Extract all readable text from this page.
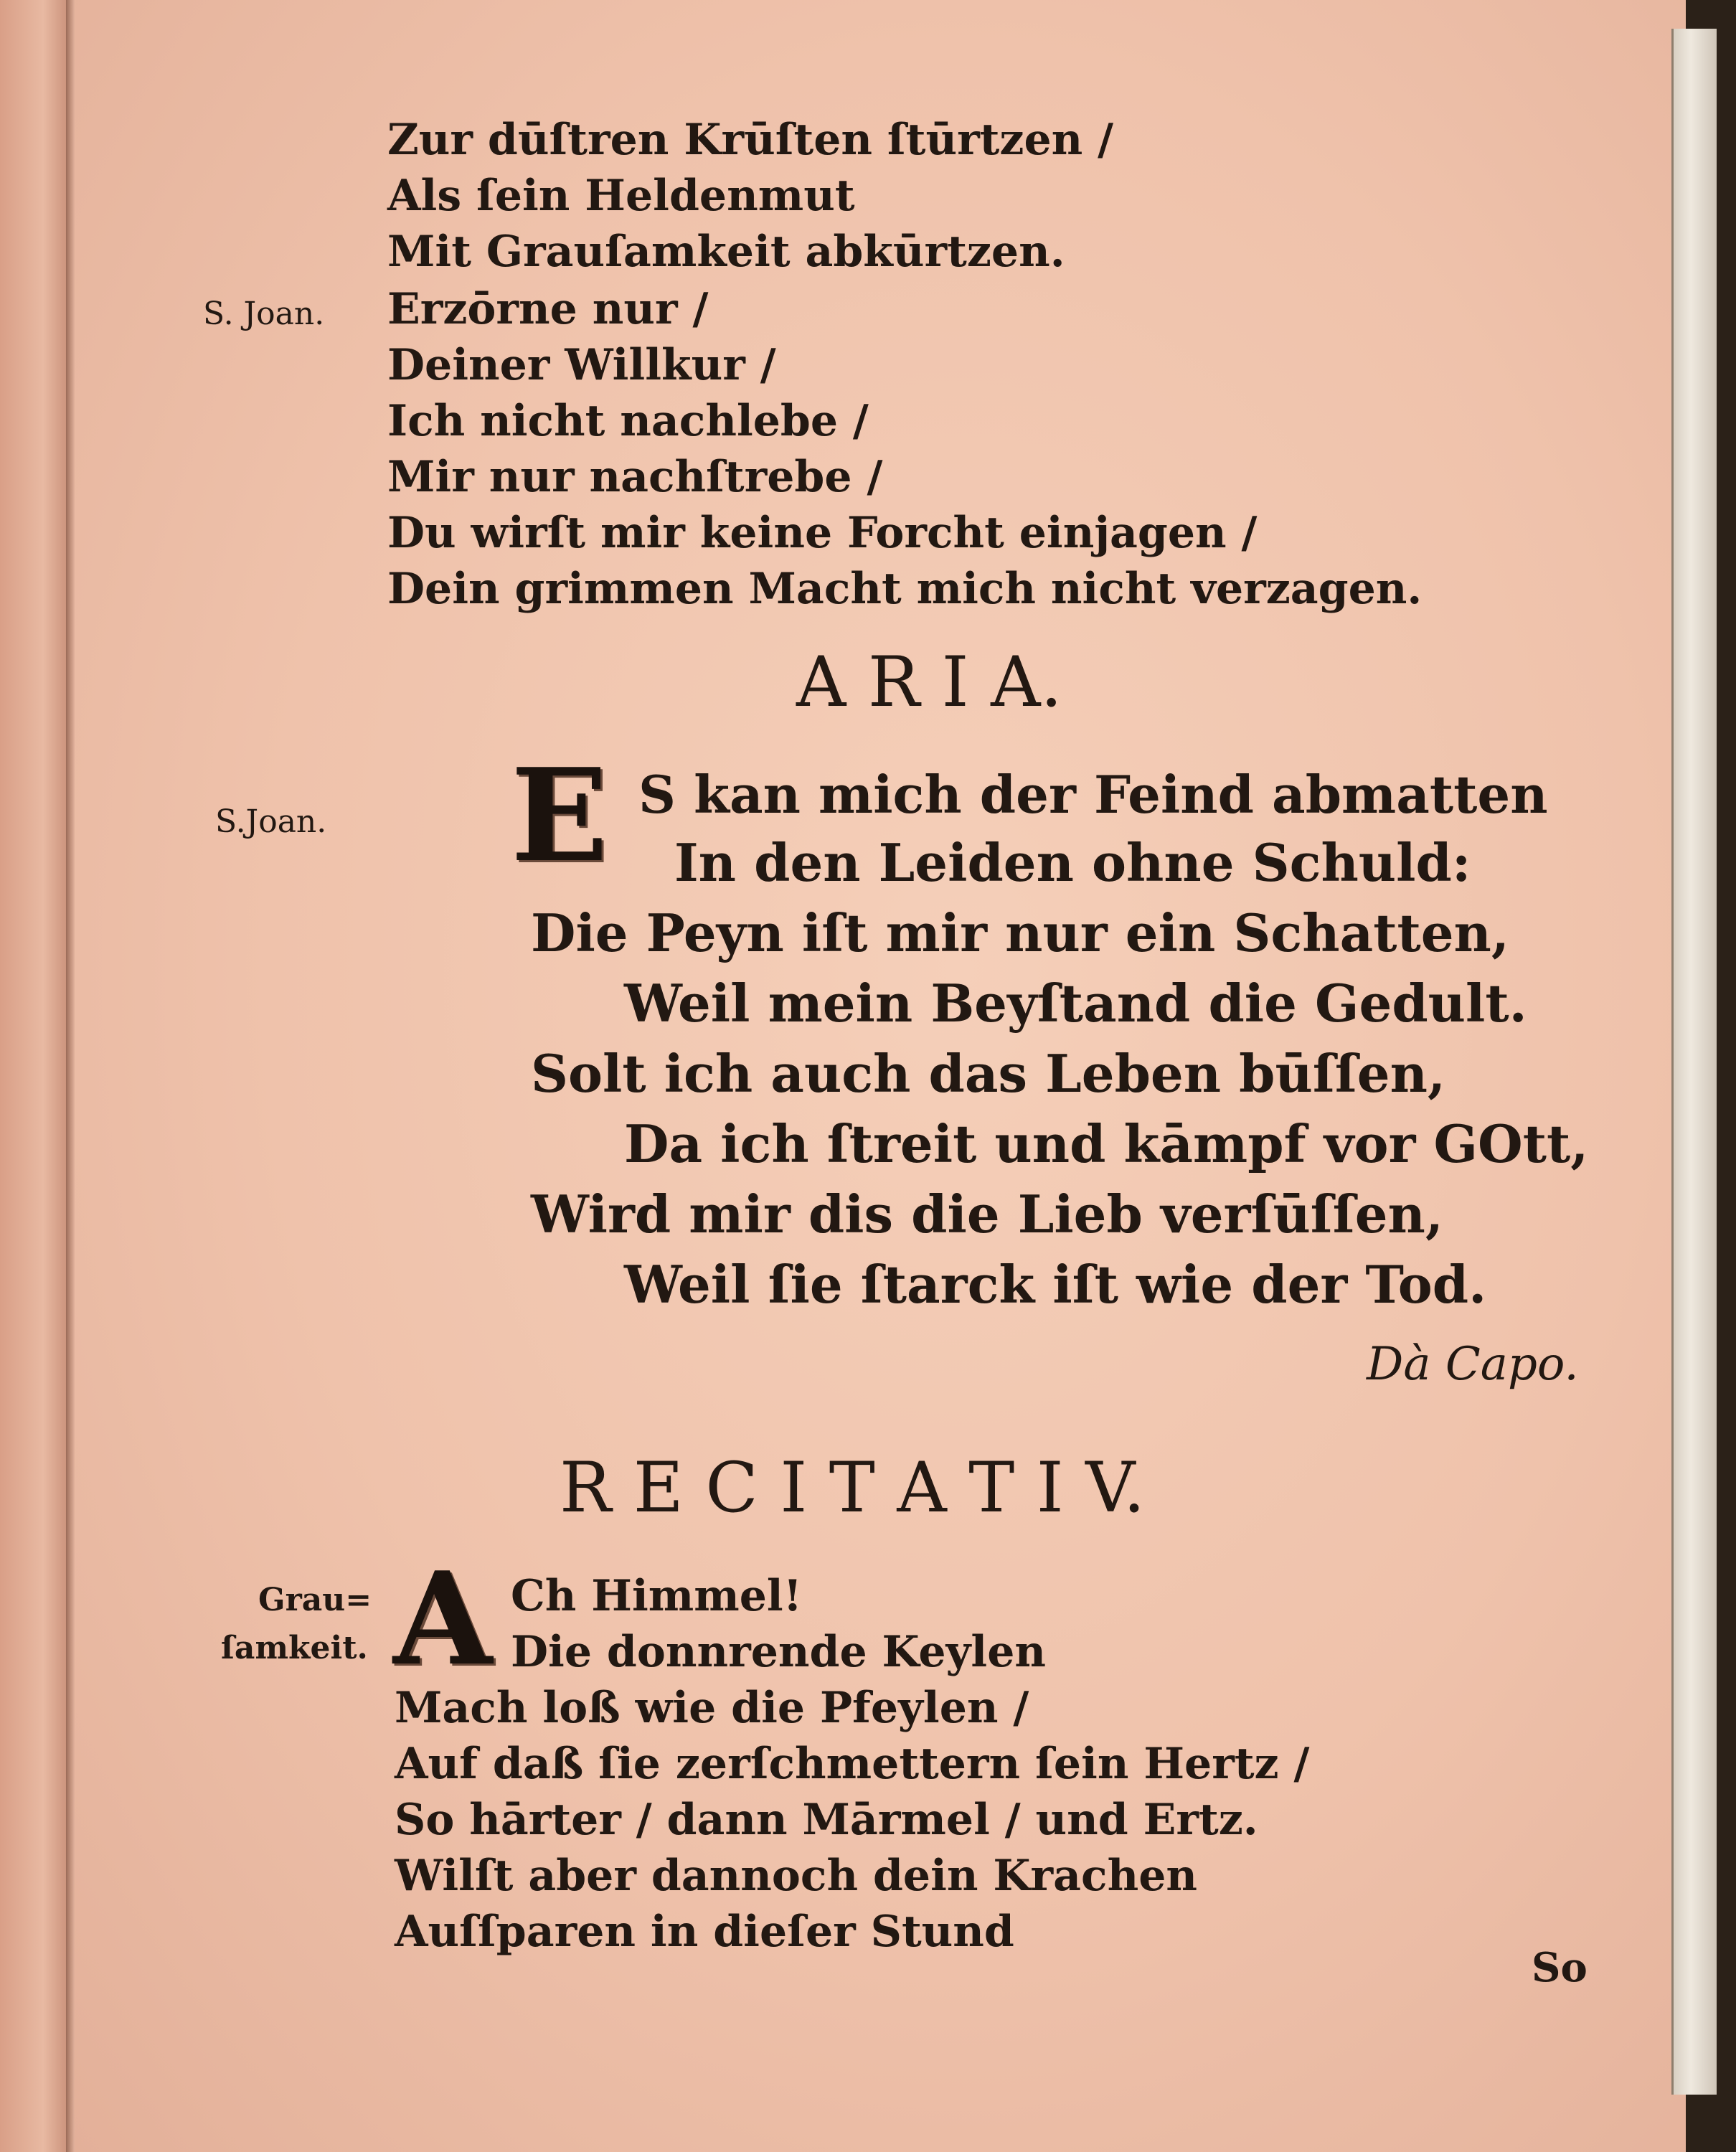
Zur dūſtren Krūſten ſtūrtzen /
Als ſein Heldenmut
Mit Grauſamkeit abkūrtzen.
S. Joan. Erzōrne nur /
Deiner Willkur /
Ich nicht nachlebe /
Mir nur nachſtrebe /
Du wirſt mir keine Forcht einjagen /
Dein grimmen Macht mich nicht verzagen.
A R I A.
S.Joan. E S kan mich der Feind abmatten
In den Leiden ohne Schuld:
Die Peyn iſt mir nur ein Schatten,
Weil mein Beyſtand die Gedult.
Solt ich auch das Leben būſſen,
Da ich ſtreit und kāmpf vor GOtt,
Wird mir dis die Lieb verſūſſen,
Weil ſie ſtarck iſt wie der Tod.
Dà Capo.
R E C I T A T I V.
Grau=
ſamkeit. A Ch Himmel!
Die donnrende Keylen
Mach loß wie die Pfeylen /
Auf daß ſie zerſchmettern ſein Hertz /
So hārter / dann Mārmel / und Ertz.
Wilſt aber dannoch dein Krachen
Auſſparen in dieſer Stund
So
